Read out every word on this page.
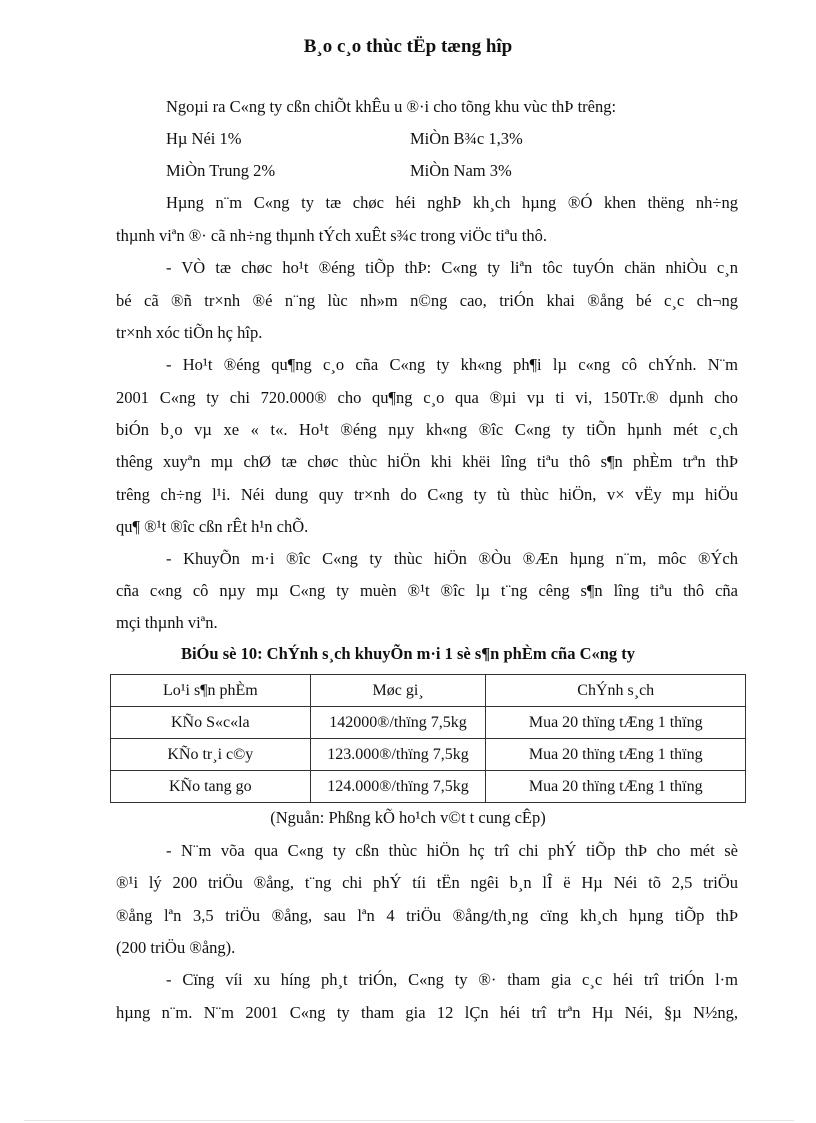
B¸o c¸o thùc tËp tæng hîp
Ngoµi ra C«ng ty cßn chiÕt khÊu u ®·i cho tõng khu vùc thÞ trêng:
Hµ Néi 1%	MiÒn B¾c 1,3%
MiÒn Trung 2%	MiÒn Nam 3%
Hµng n¨m C«ng ty tæ chøc héi nghÞ kh¸ch hµng ®Ó khen thëng nh÷ng
thµnh viªn ®· cã nh÷ng thµnh tÝch xuÊt s¾c trong viÖc tiªu thô.
- VÒ tæ chøc ho¹t ®éng tiÕp thÞ: C«ng ty liªn tôc tuyÓn chän nhiÒu c¸n
bé cã ®ñ tr×nh ®é n¨ng lùc nh»m n©ng cao, triÓn khai ®ång bé c¸c ch¬ng
tr×nh xóc tiÕn hç hîp.
- Ho¹t ®éng qu¶ng c¸o cña C«ng ty kh«ng ph¶i lµ c«ng cô chÝnh. N¨m
2001 C«ng ty chi 720.000® cho qu¶ng c¸o qua ®µi vµ ti vi, 150Tr.® dµnh cho
biÓn b¸o vµ xe « t«. Ho¹t ®éng nµy kh«ng ®îc C«ng ty tiÕn hµnh mét c¸ch
thêng xuyªn mµ chØ tæ chøc thùc hiÖn khi khëi lîng tiªu thô s¶n phÈm trªn thÞ
trêng ch÷ng l¹i. Néi dung quy tr×nh do C«ng ty tù thùc hiÖn, v× vËy mµ hiÖu
qu¶ ®¹t ®îc cßn rÊt h¹n chÕ.
- KhuyÕn m·i ®îc C«ng ty thùc hiÖn ®Òu ®Æn hµng n¨m, môc ®Ých
cña c«ng cô nµy mµ C«ng ty muèn ®¹t ®îc lµ t¨ng cêng s¶n lîng tiªu thô cña
mçi thµnh viªn.
BiÓu sè 10: ChÝnh s¸ch khuyÕn m·i 1 sè s¶n phÈm cña C«ng ty
Lo¹i s¶n phÈm	Møc gi¸	ChÝnh s¸ch
KÑo S«c«la	142000®/thïng 7,5kg	Mua 20 thïng tÆng 1 thïng
KÑo tr¸i c©y	123.000®/thïng 7,5kg	Mua 20 thïng tÆng 1 thïng
KÑo tang go	124.000®/thïng 7,5kg	Mua 20 thïng tÆng 1 thïng
(Nguån: Phßng kÕ ho¹ch v©t t cung cÊp)
- N¨m võa qua C«ng ty cßn thùc hiÖn hç trî chi phÝ tiÕp thÞ cho mét sè
®¹i lý 200 triÖu ®ång, t¨ng chi phÝ tíi tËn ngêi b¸n lÎ ë Hµ Néi tõ 2,5 triÖu
®ång lªn 3,5 triÖu ®ång, sau lªn 4 triÖu ®ång/th¸ng cïng kh¸ch hµng tiÕp thÞ
(200 triÖu ®ång).
- Cïng víi xu híng ph¸t triÓn, C«ng ty ®· tham gia c¸c héi trî triÓn l·m
hµng n¨m. N¨m 2001 C«ng ty tham gia 12 lÇn héi trî trªn Hµ Néi, §µ N½ng,
